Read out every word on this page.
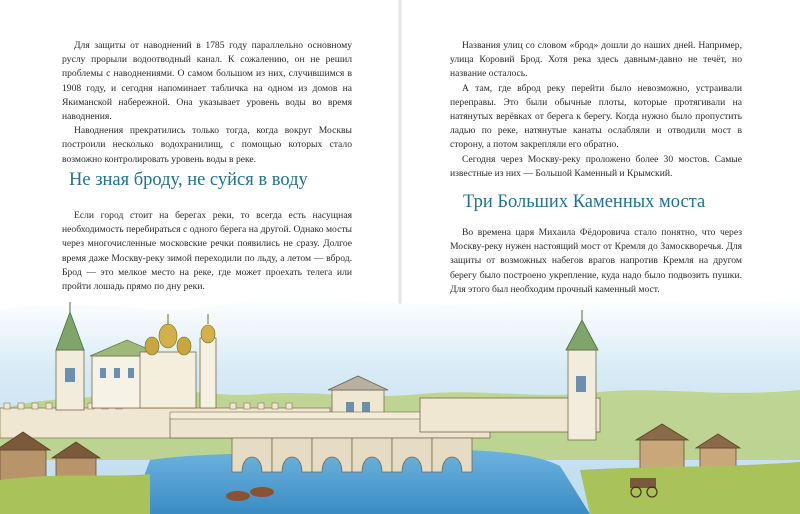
Для защиты от наводнений в 1785 году параллельно основному руслу прорыли водоотводный канал. К сожалению, он не решил проблемы с наводнениями. О самом большом из них, случившимся в 1908 году, и сегодня напоминает табличка на одном из домов на Якиманской набережной. Она указывает уровень воды во время наводнения.

Наводнения прекратились только тогда, когда вокруг Москвы построили несколько водохранилищ, с помощью которых стало возможно контролировать уровень воды в реке.

Не зная броду, не суйся в воду

Если город стоит на берегах реки, то всегда есть насущная необходимость перебираться с одного берега на другой. Однако мосты через многочисленные московские речки появились не сразу. Долгое время даже Москву-реку зимой переходили по льду, а летом — вброд. Брод — это мелкое место на реке, где может проехать телега или пройти лошадь прямо по дну реки.

Названия улиц со словом «брод» дошли до наших дней. Например, улица Коровий Брод. Хотя река здесь давным-давно не течёт, но название осталось.

А там, где вброд реку перейти было невозможно, устраивали переправы. Это были обычные плоты, которые протягивали на натянутых верёвках от берега к берегу. Когда нужно было пропустить ладью по реке, натянутые канаты ослабляли и отводили мост в сторону, а потом закрепляли его обратно.

Сегодня через Москву-реку проложено более 30 мостов. Самые известные из них — Большой Каменный и Крымский.

Три Больших Каменных моста

Во времена царя Михаила Фёдоровича стало понятно, что через Москву-реку нужен настоящий мост от Кремля до Замоскворечья. Для защиты от возможных набегов врагов напротив Кремля на другом берегу было построено укрепление, куда надо было подвозить пушки. Для этого был необходим прочный каменный мост.
